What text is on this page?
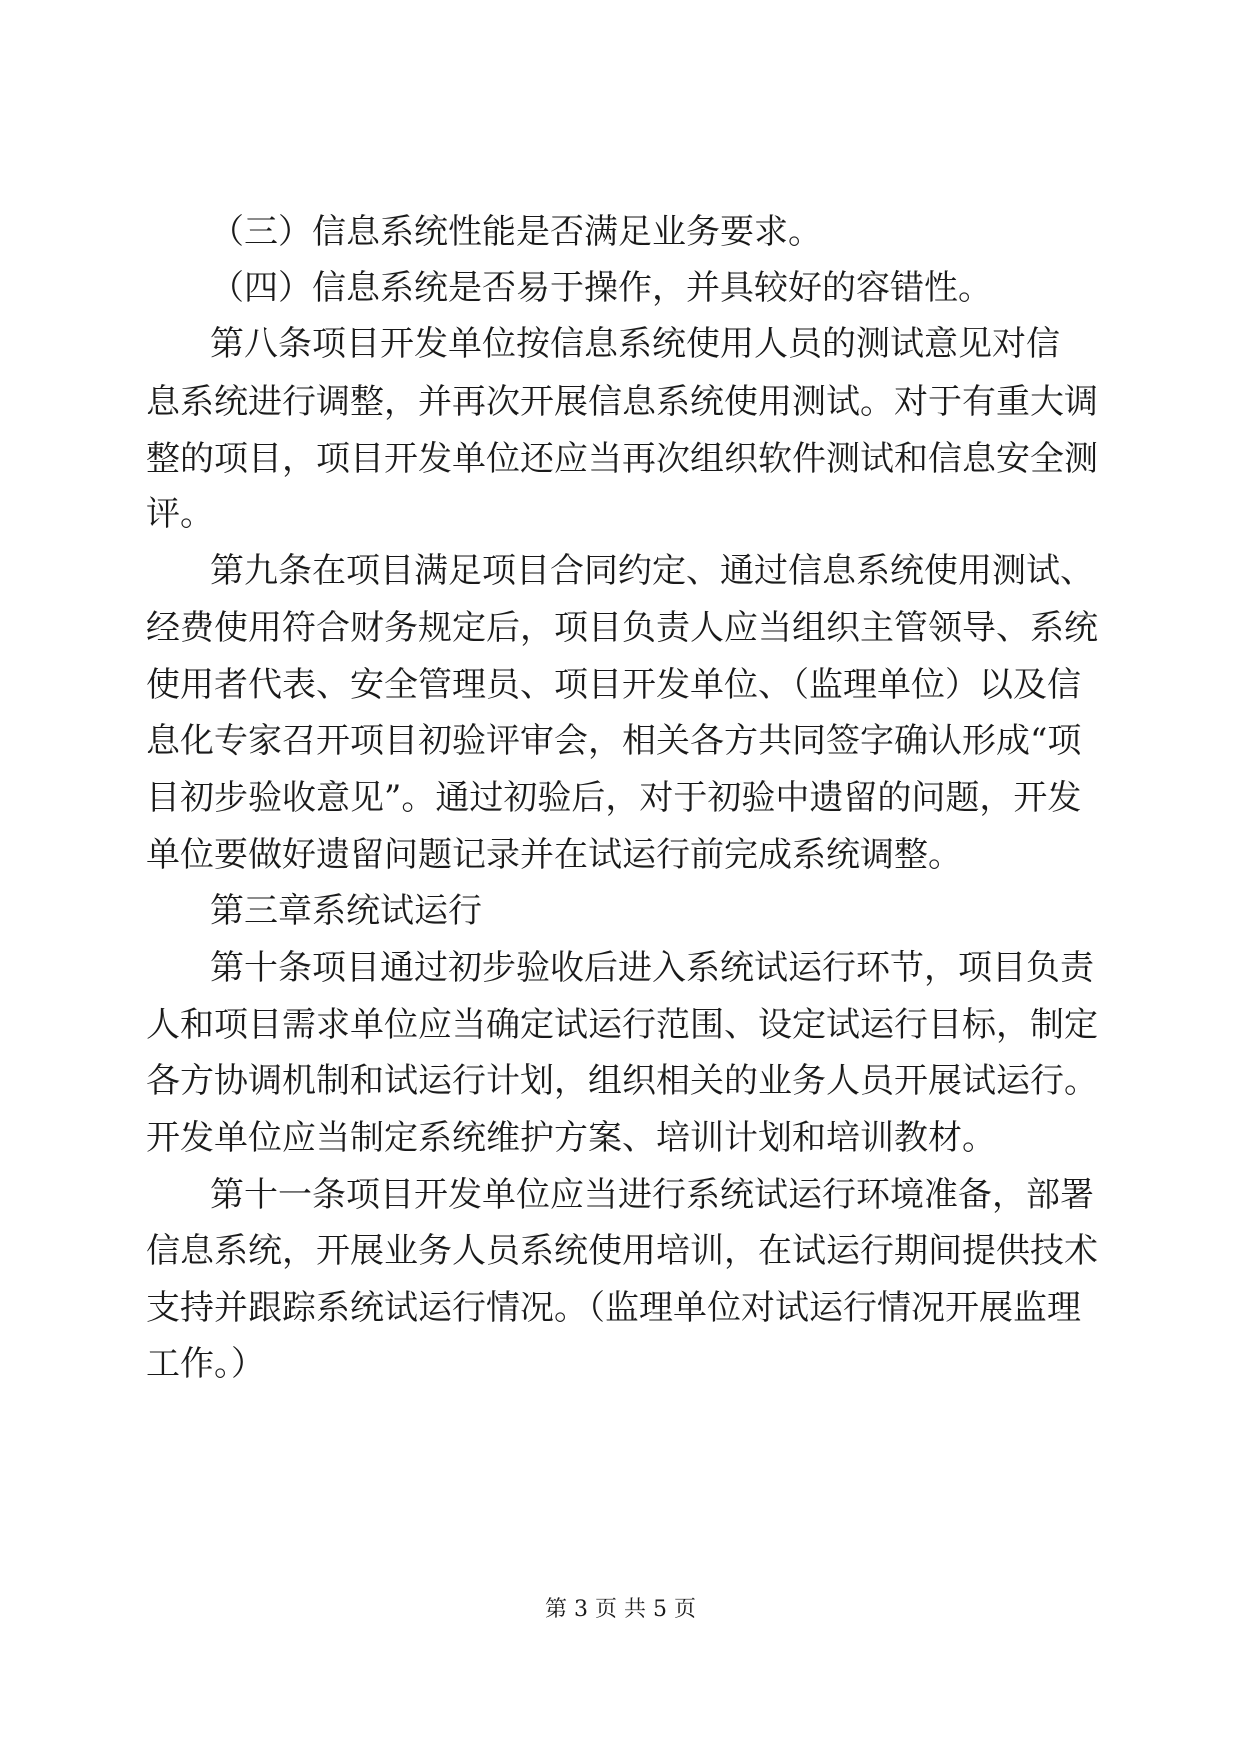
（三）信息系统性能是否满足业务要求。
（四）信息系统是否易于操作，并具较好的容错性。
第八条项目开发单位按信息系统使用人员的测试意见对信
息系统进行调整，并再次开展信息系统使用测试。对于有重大调
整的项目，项目开发单位还应当再次组织软件测试和信息安全测
评。
第九条在项目满足项目合同约定、通过信息系统使用测试、
经费使用符合财务规定后，项目负责人应当组织主管领导、系统
使用者代表、安全管理员、项目开发单位、（监理单位）以及信
息化专家召开项目初验评审会，相关各方共同签字确认形成“项
目初步验收意见”。通过初验后，对于初验中遗留的问题，开发
单位要做好遗留问题记录并在试运行前完成系统调整。
第三章系统试运行
第十条项目通过初步验收后进入系统试运行环节，项目负责
人和项目需求单位应当确定试运行范围、设定试运行目标，制定
各方协调机制和试运行计划，组织相关的业务人员开展试运行。
开发单位应当制定系统维护方案、培训计划和培训教材。
第十一条项目开发单位应当进行系统试运行环境准备，部署
信息系统，开展业务人员系统使用培训，在试运行期间提供技术
支持并跟踪系统试运行情况。（监理单位对试运行情况开展监理
工作。）
第 3 页 共 5 页
